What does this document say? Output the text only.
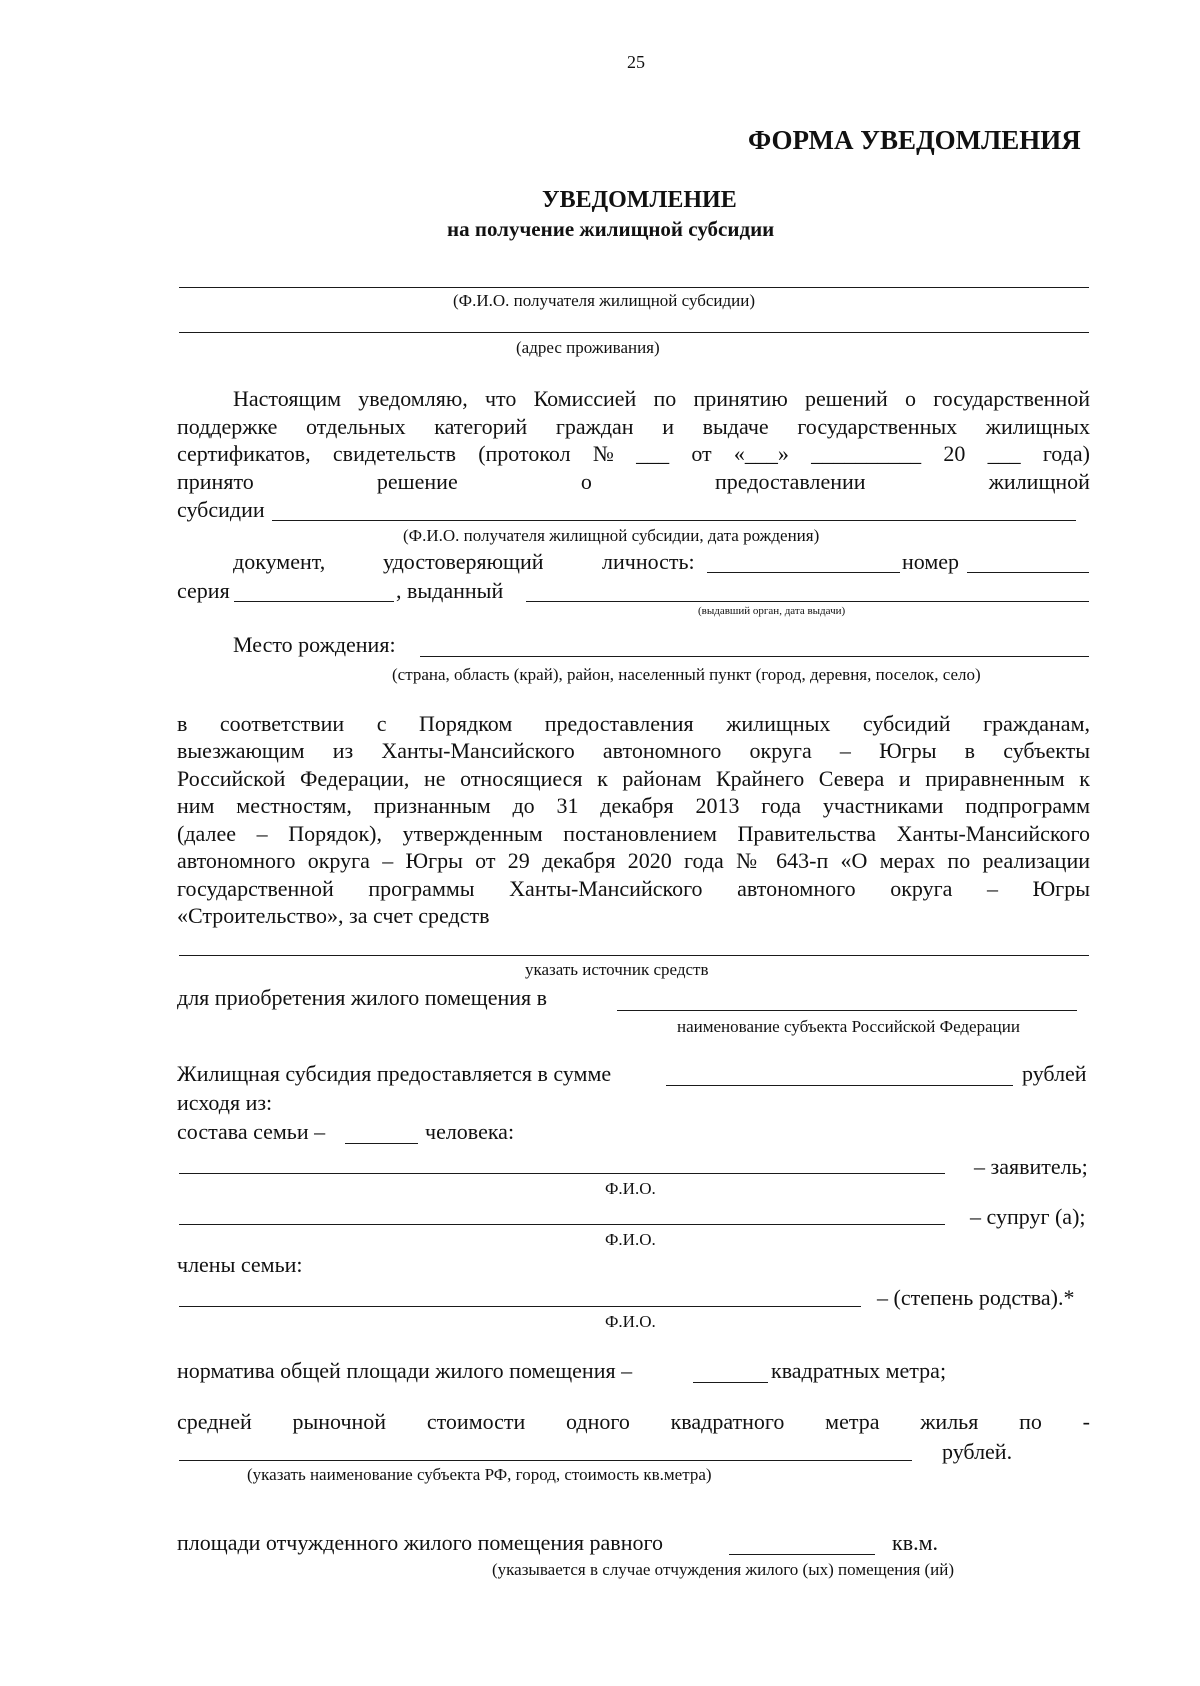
25
ФОРМА УВЕДОМЛЕНИЯ
УВЕДОМЛЕНИЕ
на получение жилищной субсидии
(Ф.И.О. получателя жилищной субсидии)
(адрес проживания)
Настоящим уведомляю, что Комиссией по принятию решений о государственной
поддержке отдельных категорий граждан и выдаче государственных жилищных
сертификатов, свидетельств (протокол № ___ от «___» __________ 20 ___ года)
принято	решение	о	предоставлении	жилищной
субсидии
(Ф.И.О. получателя жилищной субсидии, дата рождения)
документ,	удостоверяющий	личность:	номер
серия	, выданный
(выдавший орган, дата выдачи)
Место рождения:
(страна, область (край), район, населенный пункт (город, деревня, поселок, село)
в соответствии с Порядком предоставления жилищных субсидий гражданам,
выезжающим из Ханты-Мансийского автономного округа – Югры в субъекты
Российской Федерации, не относящиеся к районам Крайнего Севера и приравненным к
ним местностям, признанным до 31 декабря 2013 года участниками подпрограмм
(далее – Порядок), утвержденным постановлением Правительства Ханты-Мансийского
автономного округа – Югры от 29 декабря 2020 года № 643-п «О мерах по реализации
государственной программы Ханты-Мансийского автономного округа – Югры
«Строительство», за счет средств
указать источник средств
для приобретения жилого помещения в
наименование субъекта Российской Федерации
Жилищная субсидия предоставляется в сумме	рублей
исходя из:
состава семьи –	человека:
– заявитель;
Ф.И.О.
– супруг (а);
Ф.И.О.
члены семьи:
– (степень родства).*
Ф.И.О.
норматива общей площади жилого помещения –	квадратных метра;
средней рыночной стоимости одного квадратного метра жилья по -
рублей.
(указать наименование субъекта РФ, город, стоимость кв.метра)
площади отчужденного жилого помещения равного	кв.м.
(указывается в случае отчуждения жилого (ых) помещения (ий)
